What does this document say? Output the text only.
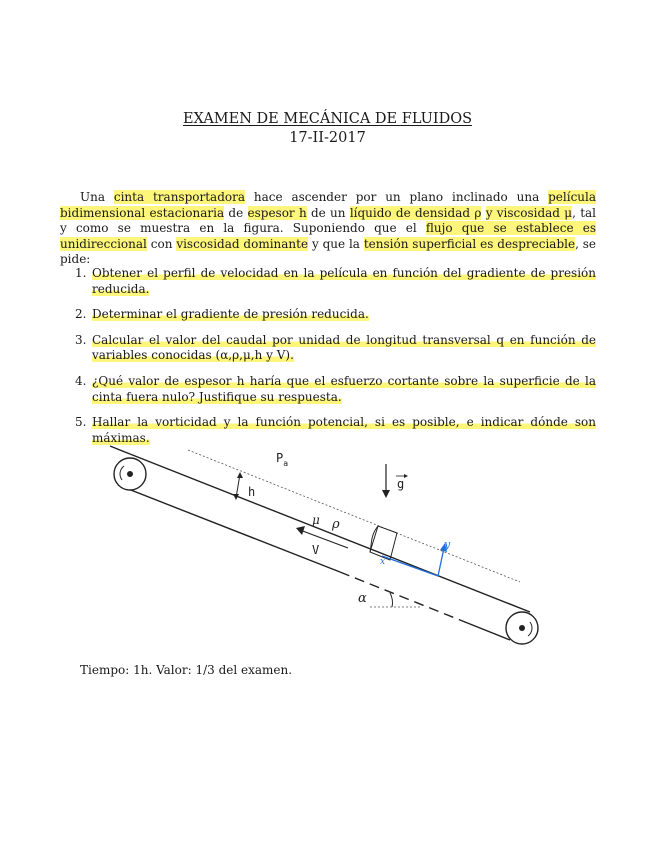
EXAMEN DE MECÁNICA DE FLUIDOS
17-II-2017
Una cinta transportadora hace ascender por un plano inclinado una película bidimensional estacionaria de espesor h de un líquido de densidad ρ y viscosidad μ, tal y como se muestra en la figura. Suponiendo que el flujo que se establece es unidireccional con viscosidad dominante y que la tensión superficial es despreciable, se pide:
1. Obtener el perfil de velocidad en la película en función del gradiente de presión reducida.
2. Determinar el gradiente de presión reducida.
3. Calcular el valor del caudal por unidad de longitud transversal q en función de variables conocidas (α,ρ,μ,h y V).
4. ¿Qué valor de espesor h haría que el esfuerzo cortante sobre la superficie de la cinta fuera nulo? Justifique su respuesta.
5. Hallar la vorticidad y la función potencial, si es posible, e indicar dónde son máximas.
h
$P_a$
g
μ ρ
V
x
y
α
Tiempo: 1h. Valor: 1/3 del examen.
